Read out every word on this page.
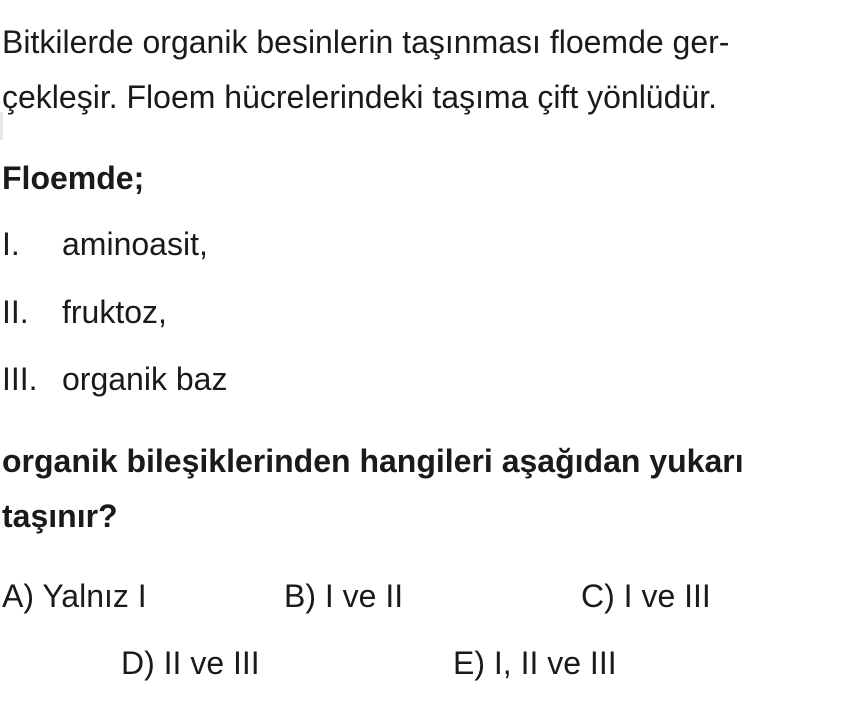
Bitkilerde organik besinlerin taşınması floemde ger-
çekleşir. Floem hücrelerindeki taşıma çift yönlüdür.
Floemde;
I. aminoasit,
II. fruktoz,
III. organik baz
organik bileşiklerinden hangileri aşağıdan yukarı
taşınır?
A) Yalnız I	B) I ve II	C) I ve III
D) II ve III	E) I, II ve III
